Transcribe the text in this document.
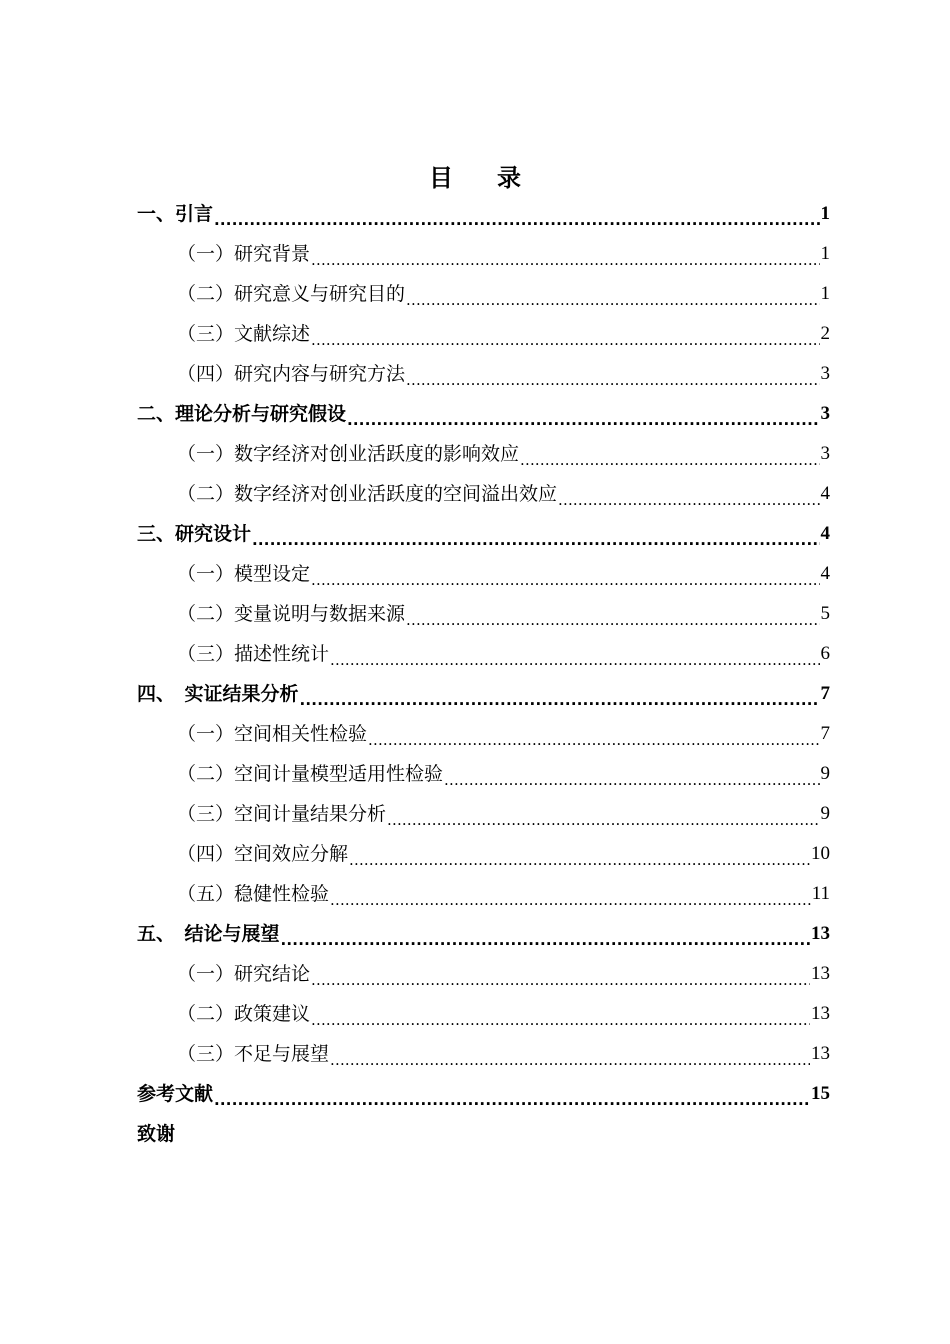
目 录
一、引言 .....	1
（一）研究背景 .....	1
（二）研究意义与研究目的 .....	1
（三）文献综述 .....	2
（四）研究内容与研究方法 .....	3
二、理论分析与研究假设 .....	3
（一）数字经济对创业活跃度的影响效应 .....	3
（二）数字经济对创业活跃度的空间溢出效应 .....	4
三、研究设计 .....	4
（一）模型设定 .....	4
（二）变量说明与数据来源 .....	5
（三）描述性统计 .....	6
四、　实证结果分析 .....	7
（一）空间相关性检验 .....	7
（二）空间计量模型适用性检验 .....	9
（三）空间计量结果分析 .....	9
（四）空间效应分解 .....	10
（五）稳健性检验 .....	11
五、　结论与展望 .....	13
（一）研究结论 .....	13
（二）政策建议 .....	13
（三）不足与展望 .....	13
参考文献 .....	15
致谢
